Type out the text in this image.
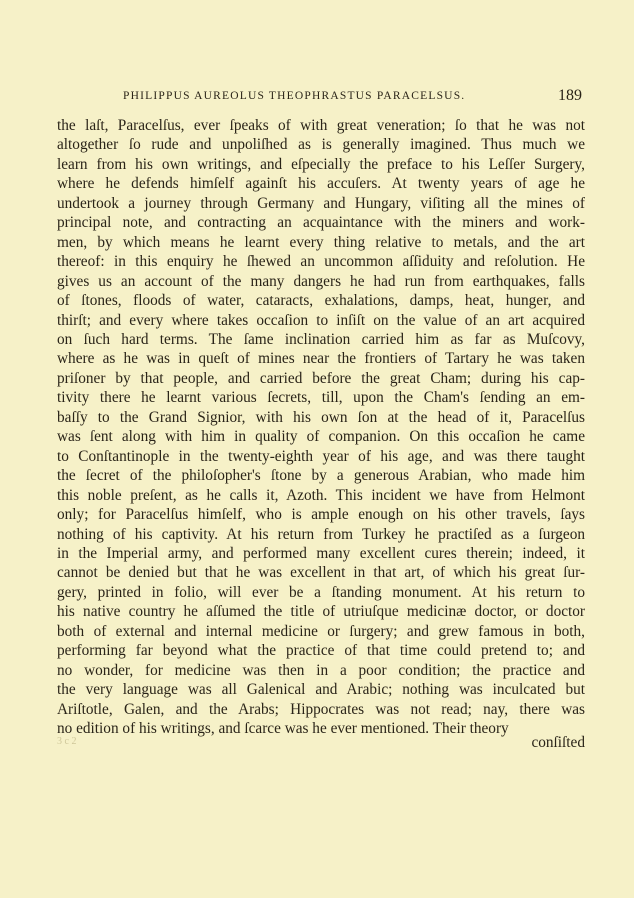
PHILIPPUS AUREOLUS THEOPHRASTUS PARACELSUS.	189
the laſt, Paracelſus, ever ſpeaks of with great veneration; ſo that he was not
altogether ſo rude and unpoliſhed as is generally imagined. Thus much we
learn from his own writings, and eſpecially the preface to his Leſſer Surgery,
where he defends himſelf againſt his accuſers. At twenty years of age he
undertook a journey through Germany and Hungary, viſiting all the mines of
principal note, and contracting an acquaintance with the miners and work-
men, by which means he learnt every thing relative to metals, and the art
thereof: in this enquiry he ſhewed an uncommon aſſiduity and reſolution. He
gives us an account of the many dangers he had run from earthquakes, falls
of ſtones, floods of water, cataracts, exhalations, damps, heat, hunger, and
thirſt; and every where takes occaſion to inſiſt on the value of an art acquired
on ſuch hard terms. The ſame inclination carried him as far as Muſcovy,
where as he was in queſt of mines near the frontiers of Tartary he was taken
priſoner by that people, and carried before the great Cham; during his cap-
tivity there he learnt various ſecrets, till, upon the Cham's ſending an em-
baſſy to the Grand Signior, with his own ſon at the head of it, Paracelſus
was ſent along with him in quality of companion. On this occaſion he came
to Conſtantinople in the twenty-eighth year of his age, and was there taught
the ſecret of the philoſopher's ſtone by a generous Arabian, who made him
this noble preſent, as he calls it, Azoth. This incident we have from Helmont
only; for Paracelſus himſelf, who is ample enough on his other travels, ſays
nothing of his captivity. At his return from Turkey he practiſed as a ſurgeon
in the Imperial army, and performed many excellent cures therein; indeed, it
cannot be denied but that he was excellent in that art, of which his great ſur-
gery, printed in folio, will ever be a ſtanding monument. At his return to
his native country he aſſumed the title of utriuſque medicinæ doctor, or doctor
both of external and internal medicine or ſurgery; and grew famous in both,
performing far beyond what the practice of that time could pretend to; and
no wonder, for medicine was then in a poor condition; the practice and
the very language was all Galenical and Arabic; nothing was inculcated but
Ariſtotle, Galen, and the Arabs; Hippocrates was not read; nay, there was
no edition of his writings, and ſcarce was he ever mentioned. Their theory
3 c 2	conſiſted
